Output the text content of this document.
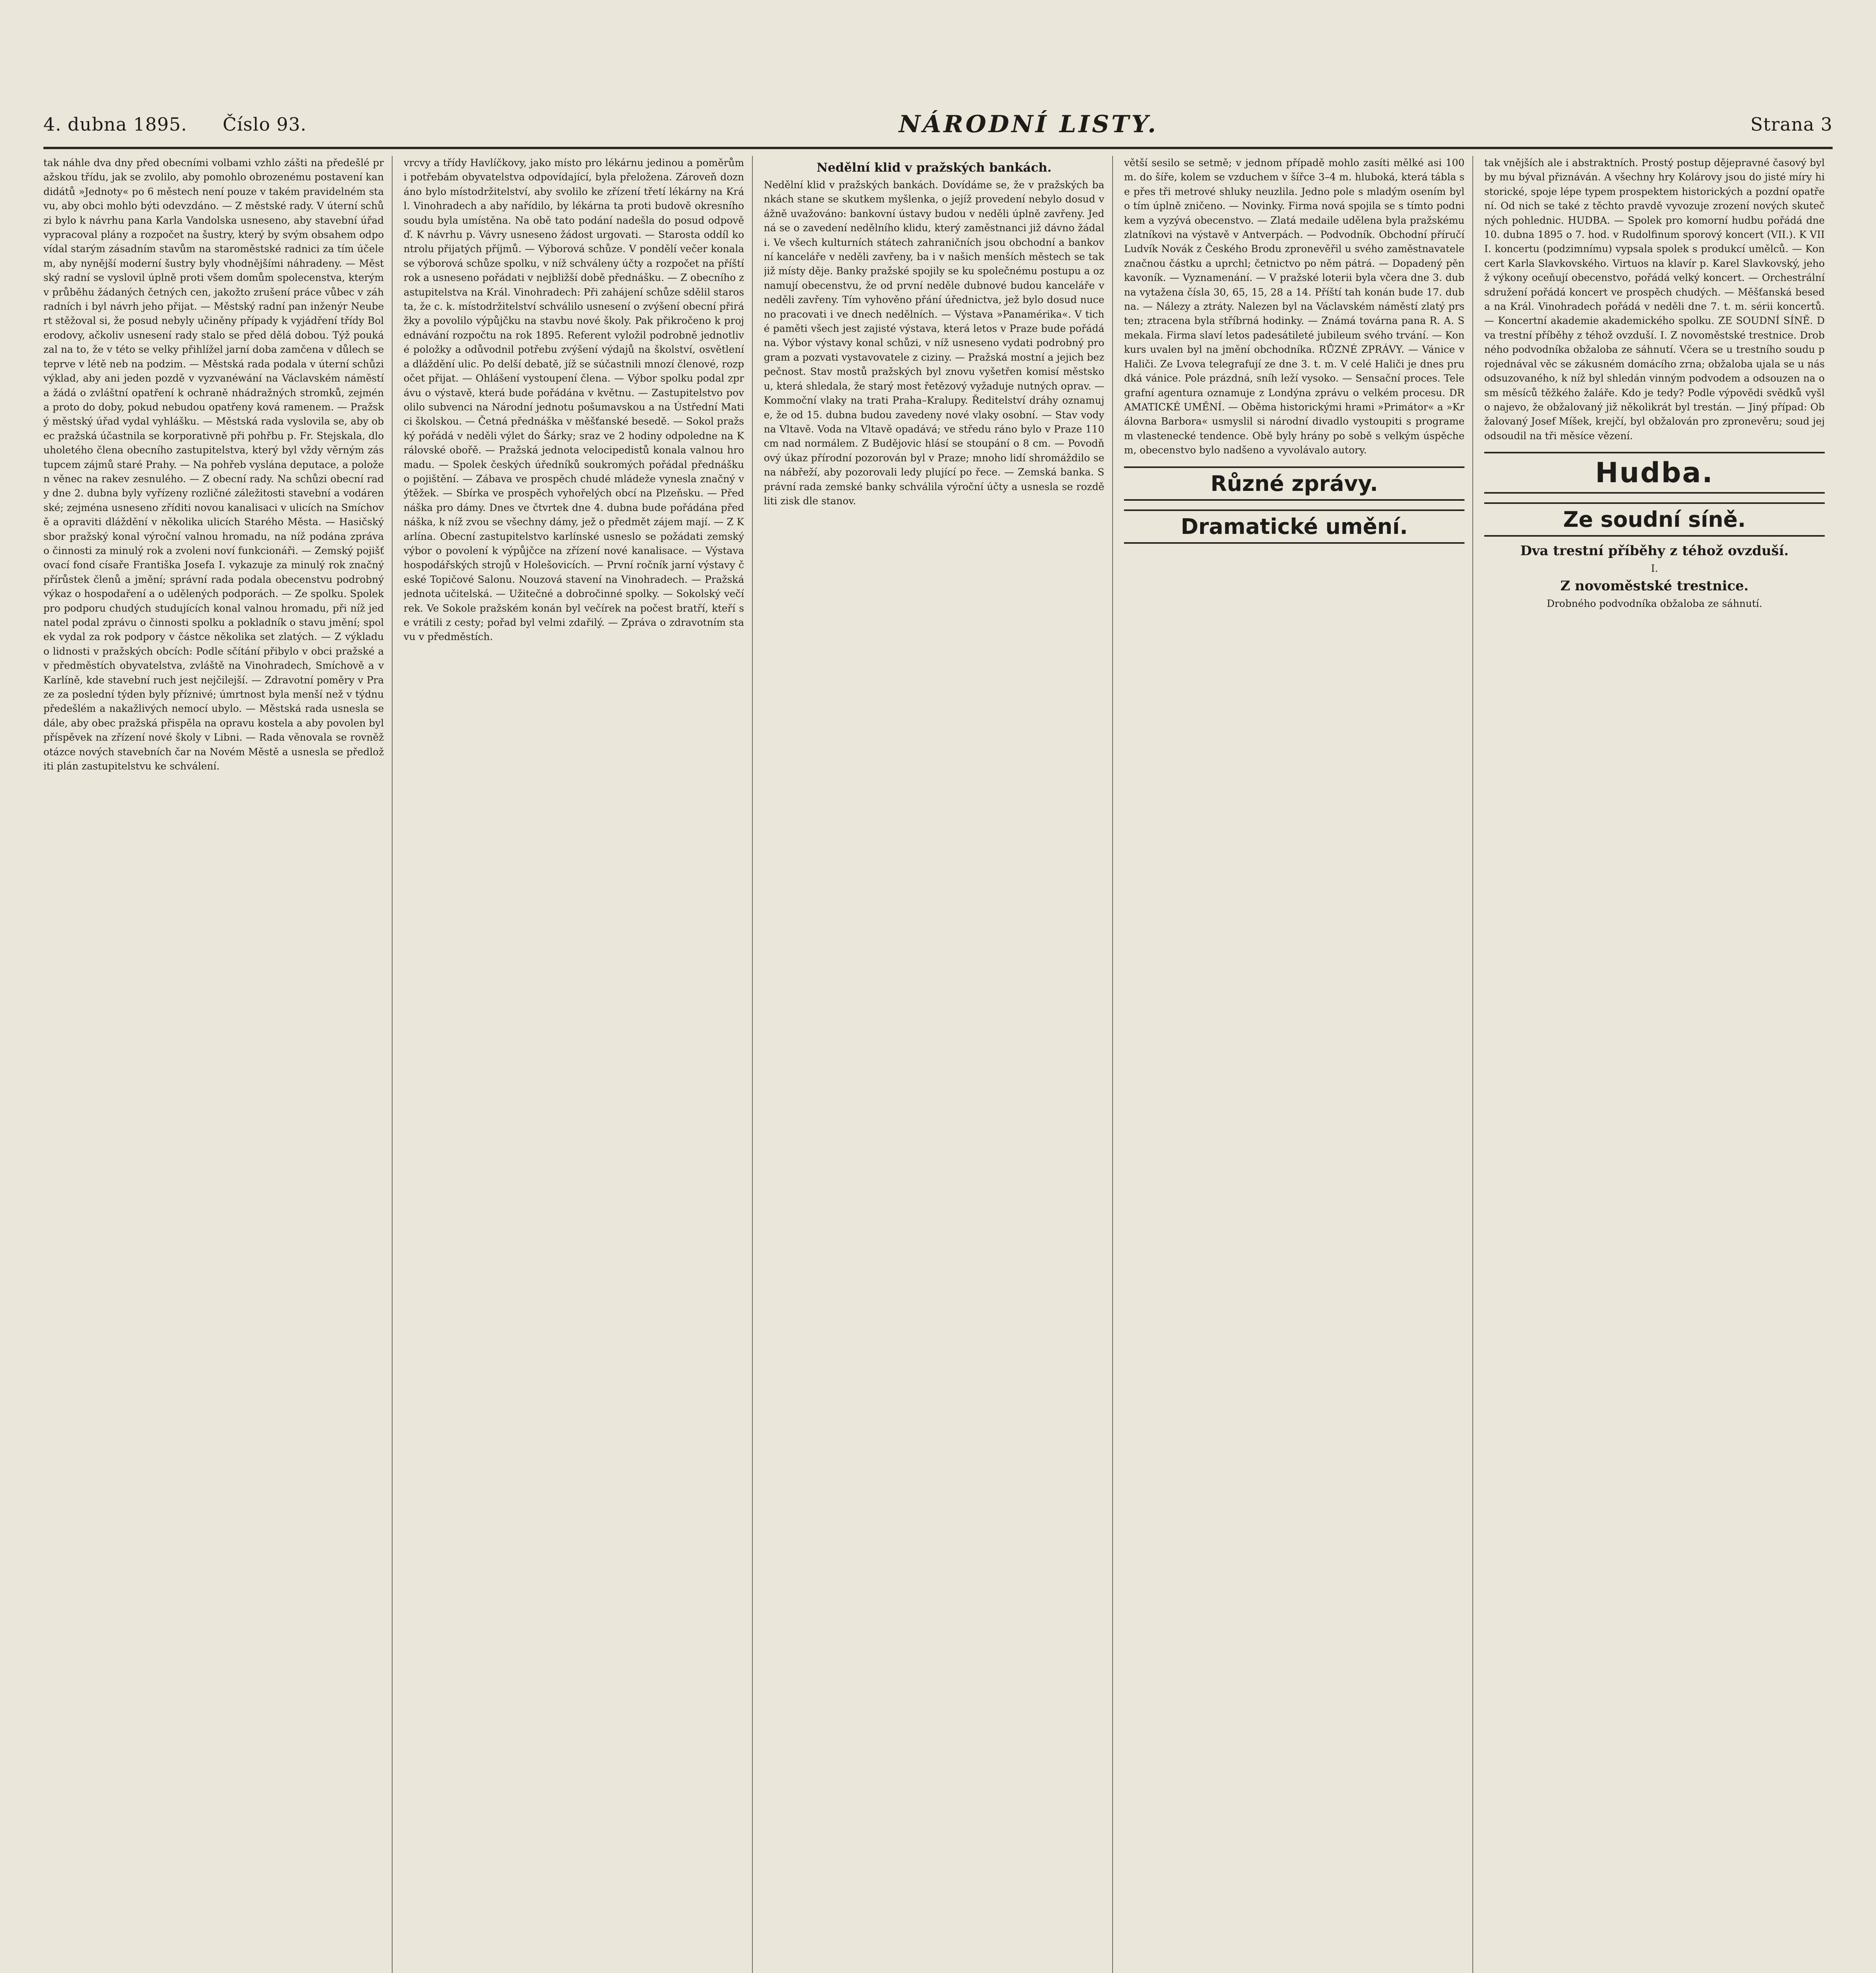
4. dubna 1895. Číslo 93.	NÁRODNÍ LISTY.	Strana 3
tak náhle dva dny před obecními volbami vzhlo zášti na předešlé pražskou třídu, jak se zvolilo, aby pomohlo obrozenému postavení kandidátů »Jednoty« po 6 městech není pouze v takém pravidelném stavu, aby obci mohlo býti odevzdáno. — Z městské rady. V úterní schůzi bylo k návrhu pana Karla Vandolska usneseno, aby stavební úřad vypracoval plány a rozpočet na šustry, který by svým obsahem odpovídal starým zásadním stavům na staroměstské radnici za tím účelem, aby nynější moderní šustry byly vhodnějšími náhradeny. — Městský radní se vyslovil úplně proti všem domům spolecenstva, kterým v průběhu žádaných četných cen, jakožto zrušení práce vůbec v záhradních i byl návrh jeho přijat. — Městský radní pan inženýr Neubert stěžoval si, že posud nebyly učiněny případy k vyjádření třídy Bolerodovy, ačkoliv usnesení rady stalo se před dělá dobou. Týž poukázal na to, že v této se velky přihlížel jarní doba zamčena v důlech se teprve v létě neb na podzim. — Městská rada podala v úterní schůzi výklad, aby ani jeden pozdě v vyzvanéwání na Václavském náměstí a žádá o zvláštní opatření k ochraně nhádražných stromků, zejména proto do doby, pokud nebudou opatřeny ková ramenem. — Pražský městský úřad vydal vyhlášku. — Městská rada vyslovila se, aby obec pražská účastnila se korporativně při pohřbu p. Fr. Stejskala, dlouholetého člena obecního zastupitelstva, který byl vždy věrným zástupcem zájmů staré Prahy. — Na pohřeb vyslána deputace, a položen věnec na rakev zesnulého. — Z obecní rady. Na schůzi obecní rady dne 2. dubna byly vyřízeny rozličné záležitosti stavební a vodárenské; zejména usneseno zříditi novou kanalisaci v ulicích na Smíchově a opraviti dláždění v několika ulicích Starého Města. — Hasičský sbor pražský konal výroční valnou hromadu, na níž podána zpráva o činnosti za minulý rok a zvoleni noví funkcionáři. — Zemský pojišťovací fond císaře Františka Josefa I. vykazuje za minulý rok značný přírůstek členů a jmění; správní rada podala obecenstvu podrobný výkaz o hospodaření a o udělených podporách. — Ze spolku. Spolek pro podporu chudých studujících konal valnou hromadu, při níž jednatel podal zprávu o činnosti spolku a pokladník o stavu jmění; spolek vydal za rok podpory v částce několika set zlatých. — Z výkladu o lidnosti v pražských obcích: Podle sčítání přibylo v obci pražské a v předměstích obyvatelstva, zvláště na Vinohradech, Smíchově a v Karlíně, kde stavební ruch jest nejčilejší. — Zdravotní poměry v Praze za poslední týden byly příznivé; úmrtnost byla menší než v týdnu předešlém a nakažlivých nemocí ubylo. — Městská rada usnesla se dále, aby obec pražská přispěla na opravu kostela a aby povolen byl příspěvek na zřízení nové školy v Libni. — Rada věnovala se rovněž otázce nových stavebních čar na Novém Městě a usnesla se předložiti plán zastupitelstvu ke schválení.
vrcvy a třídy Havlíčkovy, jako místo pro lékárnu jedinou a poměrům i potřebám obyvatelstva odpovídající, byla přeložena. Zároveň doznáno bylo místodržitelství, aby svolilo ke zřízení třetí lékárny na Král. Vinohradech a aby nařídilo, by lékárna ta proti budově okresního soudu byla umístěna. Na obě tato podání nadešla do posud odpověď. K návrhu p. Vávry usneseno žádost urgovati. — Starosta oddíl kontrolu přijatých příjmů. — Výborová schůze. V pondělí večer konala se výborová schůze spolku, v níž schváleny účty a rozpočet na příští rok a usneseno pořádati v nejbližší době přednášku. — Z obecního zastupitelstva na Král. Vinohradech: Při zahájení schůze sdělil starosta, že c. k. místodržitelství schválilo usnesení o zvýšení obecní přirážky a povolilo výpůjčku na stavbu nové školy. Pak přikročeno k projednávání rozpočtu na rok 1895. Referent vyložil podrobně jednotlivé položky a odůvodnil potřebu zvýšení výdajů na školství, osvětlení a dláždění ulic. Po delší debatě, jíž se súčastnili mnozí členové, rozpočet přijat. — Ohlášení vystoupení člena. — Výbor spolku podal zprávu o výstavě, která bude pořádána v květnu. — Zastupitelstvo povolilo subvenci na Národní jednotu pošumavskou a na Ústřední Matici školskou. — Četná přednáška v měšťanské besedě. — Sokol pražský pořádá v neděli výlet do Šárky; sraz ve 2 hodiny odpoledne na Královské obořě. — Pražská jednota velocipedistů konala valnou hromadu. — Spolek českých úředníků soukromých pořádal přednášku o pojištění. — Zábava ve prospěch chudé mládeže vynesla značný výtěžek. — Sbírka ve prospěch vyhořelých obcí na Plzeňsku. — Přednáška pro dámy. Dnes ve čtvrtek dne 4. dubna bude pořádána přednáška, k níž zvou se všechny dámy, jež o předmět zájem mají. — Z Karlína. Obecní zastupitelstvo karlínské usneslo se požádati zemský výbor o povolení k výpůjčce na zřízení nové kanalisace. — Výstava hospodářských strojů v Holešovicích. — První ročník jarní výstavy české Topičové Salonu. Nouzová stavení na Vinohradech. — Pražská jednota učitelská. — Užitečné a dobročinné spolky. — Sokolský večírek. Ve Sokole pražském konán byl večírek na počest bratří, kteří se vrátili z cesty; pořad byl velmi zdařilý. — Zpráva o zdravotním stavu v předměstích.
Nedělní klid v pražských bankách.
Nedělní klid v pražských bankách. Dovídáme se, že v pražských bankách stane se skutkem myšlenka, o jejíž provedení nebylo dosud vážně uvažováno: bankovní ústavy budou v neděli úplně zavřeny. Jedná se o zavedení nedělního klidu, který zaměstnanci již dávno žádali. Ve všech kulturních státech zahraničních jsou obchodní a bankovní kanceláře v neděli zavřeny, ba i v našich menších městech se tak již místy děje. Banky pražské spojily se ku společnému postupu a oznamují obecenstvu, že od první neděle dubnové budou kanceláře v neděli zavřeny. Tím vyhověno přání úřednictva, jež bylo dosud nuceno pracovati i ve dnech nedělních. — Výstava »Panamérika«. V tiché paměti všech jest zajisté výstava, která letos v Praze bude pořádána. Výbor výstavy konal schůzi, v níž usneseno vydati podrobný program a pozvati vystavovatele z ciziny. — Pražská mostní a jejich bezpečnost. Stav mostů pražských byl znovu vyšetřen komisí městskou, která shledala, že starý most řetězový vyžaduje nutných oprav. — Kommoční vlaky na trati Praha–Kralupy. Ředitelství dráhy oznamuje, že od 15. dubna budou zavedeny nové vlaky osobní. — Stav vody na Vltavě. Voda na Vltavě opadává; ve středu ráno bylo v Praze 110 cm nad normálem. Z Budějovic hlásí se stoupání o 8 cm. — Povodňový úkaz přírodní pozorován byl v Praze; mnoho lidí shromáždilo se na nábřeží, aby pozorovali ledy plující po řece. — Zemská banka. Správní rada zemské banky schválila výroční účty a usnesla se rozděliti zisk dle stanov.
větší sesilo se setmě; v jednom případě mohlo zasíti mělké asi 100 m. do šíře, kolem se vzduchem v šířce 3–4 m. hluboká, která tábla se přes tři metrové shluky neuzlila. Jedno pole s mladým osením bylo tím úplně zničeno. — Novinky. Firma nová spojila se s tímto podnikem a vyzývá obecenstvo. — Zlatá medaile udělena byla pražskému zlatníkovi na výstavě v Antverpách. — Podvodník. Obchodní příručí Ludvík Novák z Českého Brodu zpronevěřil u svého zaměstnavatele značnou částku a uprchl; četnictvo po něm pátrá. — Dopadený pěnkavoník. — Vyznamenání. — V pražské loterii byla včera dne 3. dubna vytažena čísla 30, 65, 15, 28 a 14. Příští tah konán bude 17. dubna. — Nálezy a ztráty. Nalezen byl na Václavském náměstí zlatý prsten; ztracena byla stříbrná hodinky. — Známá továrna pana R. A. Smekala. Firma slaví letos padesátileté jubileum svého trvání. — Konkurs uvalen byl na jmění obchodníka. RŮZNÉ ZPRÁVY. — Vánice v Haliči. Ze Lvova telegrafují ze dne 3. t. m. V celé Haliči je dnes prudká vánice. Pole prázdná, sníh leží vysoko. — Sensační proces. Telegrafní agentura oznamuje z Londýna zprávu o velkém procesu. DRAMATICKÉ UMĚNÍ. — Oběma historickými hrami »Primátor« a »Královna Barbora« usmyslil si národní divadlo vystoupiti s programem vlastenecké tendence. Obě byly hrány po sobě s velkým úspěchem, obecenstvo bylo nadšeno a vyvolávalo autory.
Různé zprávy.
Dramatické umění.
tak vnějších ale i abstraktních. Prostý postup dějepravné časový byl by mu býval přiznáván. A všechny hry Kolárovy jsou do jisté míry historické, spoje lépe typem prospektem historických a pozdní opatření. Od nich se také z těchto pravdě vyvozuje zrození nových skutečných pohlednic. HUDBA. — Spolek pro komorní hudbu pořádá dne 10. dubna 1895 o 7. hod. v Rudolfinum sporový koncert (VII.). K VIII. koncertu (podzimnímu) vypsala spolek s produkcí umělců. — Koncert Karla Slavkovského. Virtuos na klavír p. Karel Slavkovský, jehož výkony oceňují obecenstvo, pořádá velký koncert. — Orchestrální sdružení pořádá koncert ve prospěch chudých. — Měšťanská beseda na Král. Vinohradech pořádá v neděli dne 7. t. m. sérii koncertů. — Koncertní akademie akademického spolku. ZE SOUDNÍ SÍNĚ. Dva trestní příběhy z téhož ovzduší. I. Z novoměstské trestnice. Drobného podvodníka obžaloba ze sáhnutí. Včera se u trestního soudu projednával věc se zákusném domácího zrna; obžaloba ujala se u nás odsuzovaného, k níž byl shledán vinným podvodem a odsouzen na osm měsíců těžkého žaláře. Kdo je tedy? Podle výpovědi svědků vyšlo najevo, že obžalovaný již několikrát byl trestán. — Jiný případ: Obžalovaný Josef Míšek, krejčí, byl obžalován pro zpronevěru; soud jej odsoudil na tři měsíce vězení.
Hudba.
Ze soudní síně.
Dva trestní příběhy z téhož ovzduší.
I.
Z novoměstské trestnice.
Drobného podvodníka obžaloba ze sáhnutí.
